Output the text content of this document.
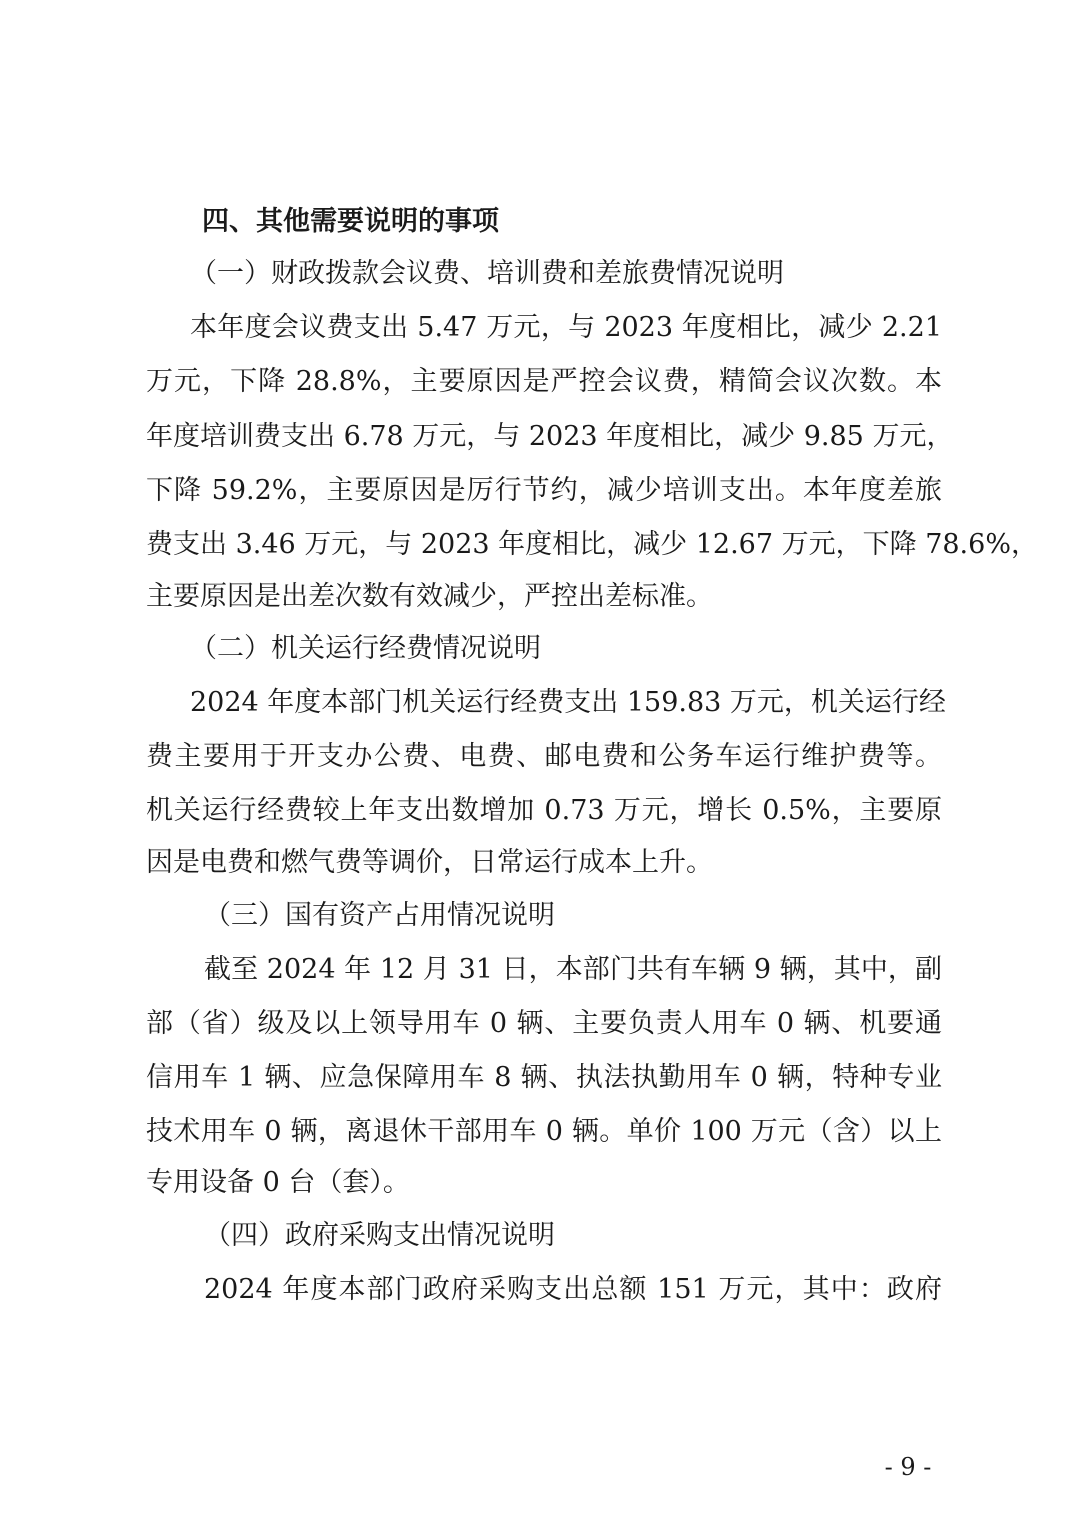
四、其他需要说明的事项
（一）财政拨款会议费、培训费和差旅费情况说明
本年度会议费支出 5.47 万元，与 2023 年度相比，减少 2.21
万元，下降 28.8%，主要原因是严控会议费，精简会议次数。本
年度培训费支出 6.78 万元，与 2023 年度相比，减少 9.85 万元，
下降 59.2%，主要原因是厉行节约，减少培训支出。本年度差旅
费支出 3.46 万元，与 2023 年度相比，减少 12.67 万元，下降 78.6%，
主要原因是出差次数有效减少，严控出差标准。
（二）机关运行经费情况说明
2024 年度本部门机关运行经费支出 159.83 万元，机关运行经
费主要用于开支办公费、电费、邮电费和公务车运行维护费等。
机关运行经费较上年支出数增加 0.73 万元，增长 0.5%，主要原
因是电费和燃气费等调价，日常运行成本上升。
（三）国有资产占用情况说明
截至 2024 年 12 月 31 日，本部门共有车辆 9 辆，其中，副
部（省）级及以上领导用车 0 辆、主要负责人用车 0 辆、机要通
信用车 1 辆、应急保障用车 8 辆、执法执勤用车 0 辆，特种专业
技术用车 0 辆，离退休干部用车 0 辆。单价 100 万元（含）以上
专用设备 0 台（套）。
（四）政府采购支出情况说明
2024 年度本部门政府采购支出总额 151 万元，其中：政府
- 9 -
